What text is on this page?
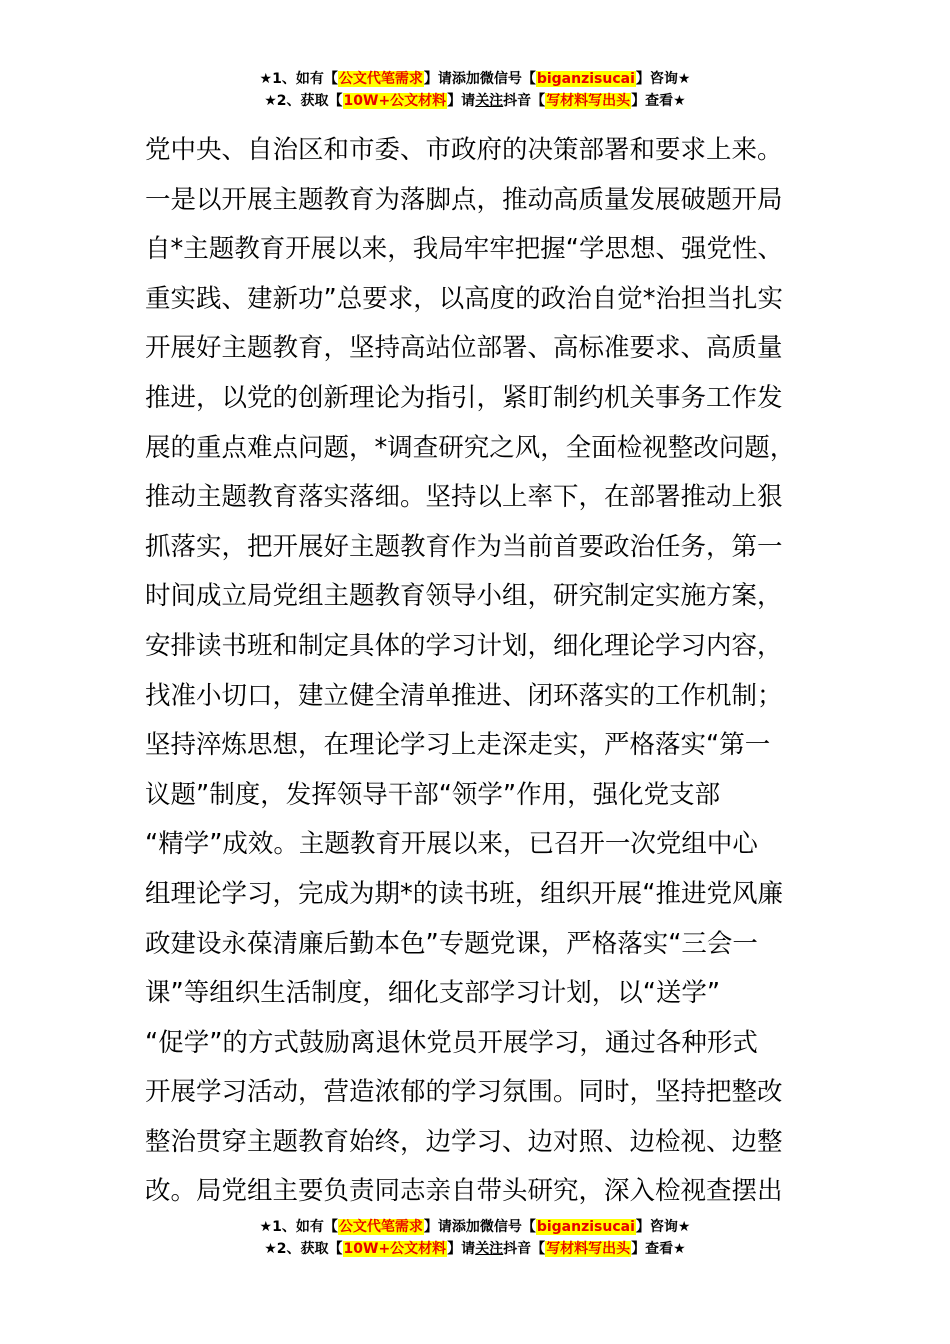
★1、如有【公文代笔需求】请添加微信号【biganzisucai】咨询★
★2、获取【10W+公文材料】请关注抖音【写材料写出头】查看★
党中央、自治区和市委、市政府的决策部署和要求上来。
一是以开展主题教育为落脚点，推动高质量发展破题开局
自*主题教育开展以来，我局牢牢把握“学思想、强党性、
重实践、建新功”总要求，以高度的政治自觉*治担当扎实
开展好主题教育，坚持高站位部署、高标准要求、高质量
推进，以党的创新理论为指引，紧盯制约机关事务工作发
展的重点难点问题，*调查研究之风，全面检视整改问题，
推动主题教育落实落细。坚持以上率下，在部署推动上狠
抓落实，把开展好主题教育作为当前首要政治任务，第一
时间成立局党组主题教育领导小组，研究制定实施方案，
安排读书班和制定具体的学习计划，细化理论学习内容，
找准小切口，建立健全清单推进、闭环落实的工作机制；
坚持淬炼思想，在理论学习上走深走实，严格落实“第一
议题”制度，发挥领导干部“领学”作用，强化党支部
“精学”成效。主题教育开展以来，已召开一次党组中心
组理论学习，完成为期*的读书班，组织开展“推进党风廉
政建设永葆清廉后勤本色”专题党课，严格落实“三会一
课”等组织生活制度，细化支部学习计划，以“送学”
“促学”的方式鼓励离退休党员开展学习，通过各种形式
开展学习活动，营造浓郁的学习氛围。同时，坚持把整改
整治贯穿主题教育始终，边学习、边对照、边检视、边整
改。局党组主要负责同志亲自带头研究，深入检视查摆出
★1、如有【公文代笔需求】请添加微信号【biganzisucai】咨询★
★2、获取【10W+公文材料】请关注抖音【写材料写出头】查看★
